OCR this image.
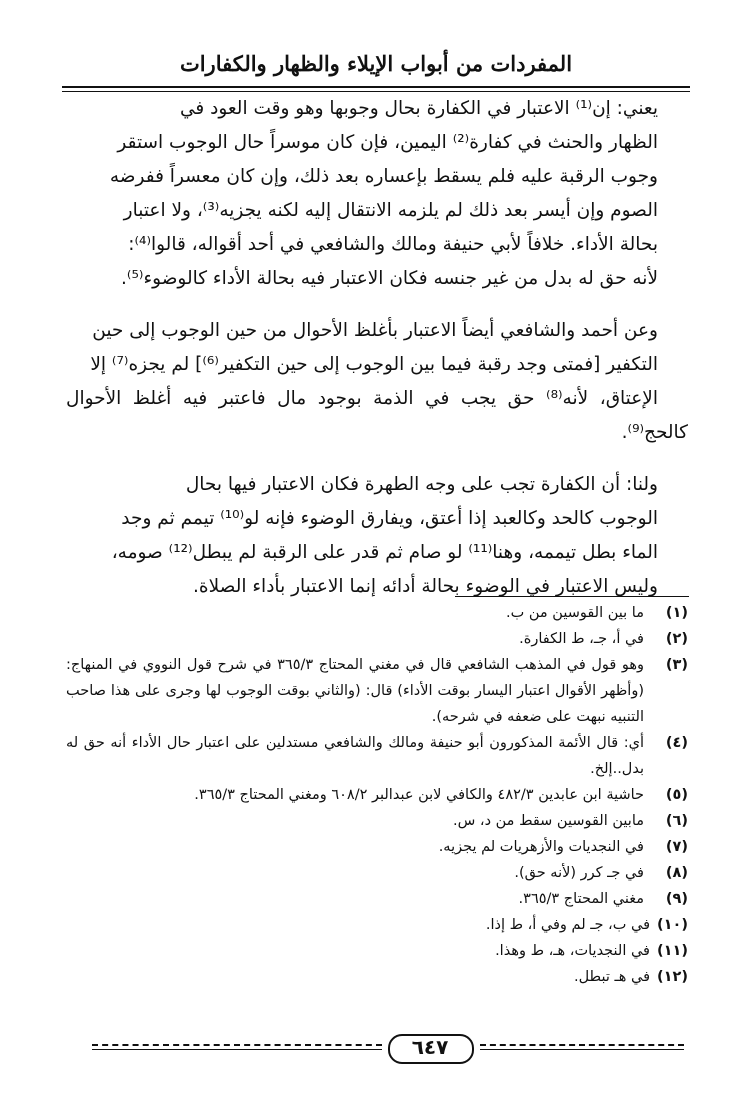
المفردات من أبواب الإيلاء والظهار والكفارات
يعني: إن⁽¹⁾ الاعتبار في الكفارة بحال وجوبها وهو وقت العود في
الظهار والحنث في كفارة⁽²⁾ اليمين، فإن كان موسراً حال الوجوب استقر
وجوب الرقبة عليه فلم يسقط بإعساره بعد ذلك، وإن كان معسراً ففرضه
الصوم وإن أيسر بعد ذلك لم يلزمه الانتقال إليه لكنه يجزيه⁽³⁾، ولا اعتبار
بحالة الأداء. خلافاً لأبي حنيفة ومالك والشافعي في أحد أقواله، قالوا⁽⁴⁾:
لأنه حق له بدل من غير جنسه فكان الاعتبار فيه بحالة الأداء كالوضوء⁽⁵⁾.
وعن أحمد والشافعي أيضاً الاعتبار بأغلظ الأحوال من حين الوجوب إلى حين
التكفير [فمتى وجد رقبة فيما بين الوجوب إلى حين التكفير⁽⁶⁾] لم يجزه⁽⁷⁾ إلا
الإعتاق، لأنه⁽⁸⁾ حق يجب في الذمة بوجود مال فاعتبر فيه أغلظ الأحوال كالحج⁽⁹⁾.
ولنا: أن الكفارة تجب على وجه الطهرة فكان الاعتبار فيها بحال
الوجوب كالحد وكالعبد إذا أعتق، ويفارق الوضوء فإنه لو⁽¹⁰⁾ تيمم ثم وجد
الماء بطل تيممه، وهنا⁽¹¹⁾ لو صام ثم قدر على الرقبة لم يبطل⁽¹²⁾ صومه،
وليس الاعتبار في الوضوء بحالة أدائه إنما الاعتبار بأداء الصلاة.
(١)
ما بين القوسين من ب.
(٢)
في أ، جـ، ط الكفارة.
(٣)
وهو قول في المذهب الشافعي قال في مغني المحتاج ٣٦٥/٣ في شرح قول النووي في المنهاج: (وأظهر الأقوال اعتبار اليسار بوقت الأداء) قال: (والثاني بوقت الوجوب لها وجرى على هذا صاحب التنبيه نبهت على ضعفه في شرحه).
(٤)
أي: قال الأئمة المذكورون أبو حنيفة ومالك والشافعي مستدلين على اعتبار حال الأداء أنه حق له بدل..إلخ.
(٥)
حاشية ابن عابدين ٤٨٢/٣ والكافي لابن عبدالبر ٦٠٨/٢ ومغني المحتاج ٣٦٥/٣.
(٦)
مابين القوسين سقط من د، س.
(٧)
في النجديات والأزهريات لم يجزيه.
(٨)
في جـ كرر (لأنه حق).
(٩)
مغني المحتاج ٣٦٥/٣.
(١٠)
في ب، جـ لم وفي أ، ط إذا.
(١١)
في النجديات، هـ، ط وهذا.
(١٢)
في هـ تبطل.
٦٤٧
